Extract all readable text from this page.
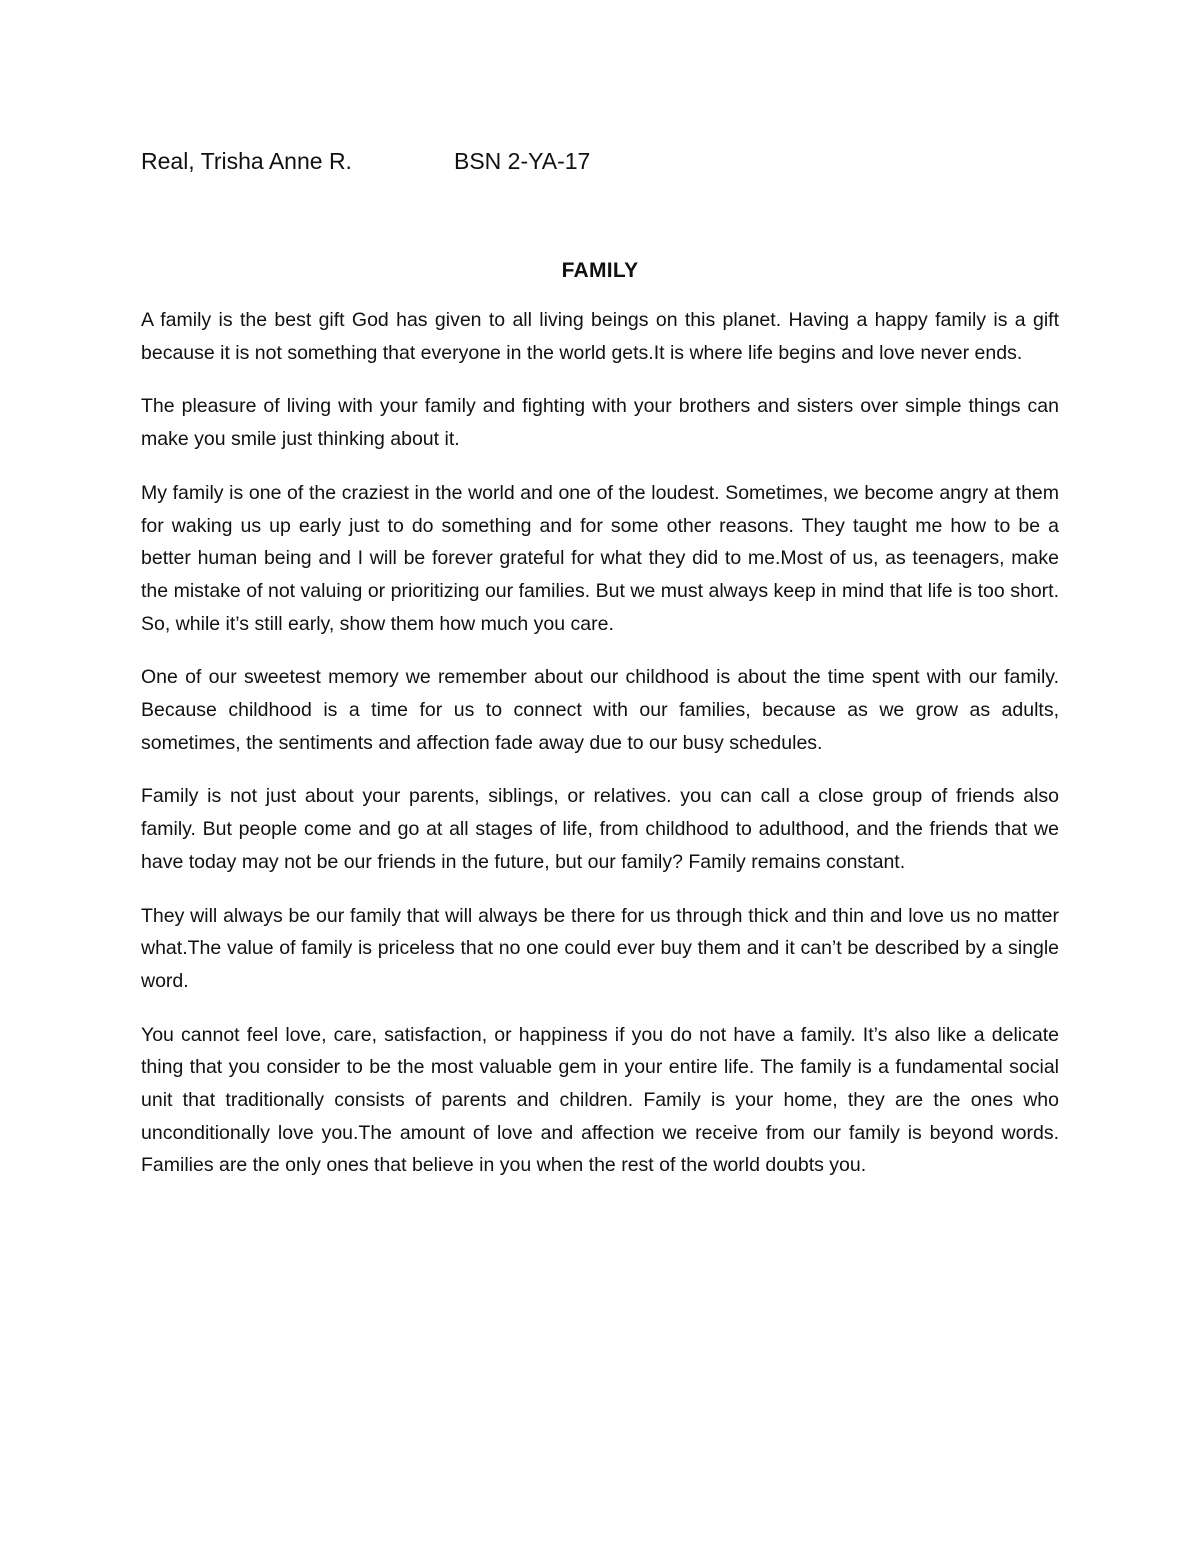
Real, Trisha Anne R.	BSN 2-YA-17
FAMILY

A family is the best gift God has given to all living beings on this planet. Having a happy family is a gift because it is not something that everyone in the world gets.It is where life begins and love never ends.

The pleasure of living with your family and fighting with your brothers and sisters over simple things can make you smile just thinking about it.

My family is one of the craziest in the world and one of the loudest. Sometimes, we become angry at them for waking us up early just to do something and for some other reasons. They taught me how to be a better human being and I will be forever grateful for what they did to me.Most of us, as teenagers, make the mistake of not valuing or prioritizing our families. But we must always keep in mind that life is too short. So, while it’s still early, show them how much you care.

One of our sweetest memory we remember about our childhood is about the time spent with our family. Because childhood is a time for us to connect with our families, because as we grow as adults, sometimes, the sentiments and affection fade away due to our busy schedules.

Family is not just about your parents, siblings, or relatives. you can call a close group of friends also family. But people come and go at all stages of life, from childhood to adulthood, and the friends that we have today may not be our friends in the future, but our family? Family remains constant.

They will always be our family that will always be there for us through thick and thin and love us no matter what.The value of family is priceless that no one could ever buy them and it can’t be described by a single word.

You cannot feel love, care, satisfaction, or happiness if you do not have a family. It’s also like a delicate thing that you consider to be the most valuable gem in your entire life. The family is a fundamental social unit that traditionally consists of parents and children. Family is your home, they are the ones who unconditionally love you.The amount of love and affection we receive from our family is beyond words. Families are the only ones that believe in you when the rest of the world doubts you.
